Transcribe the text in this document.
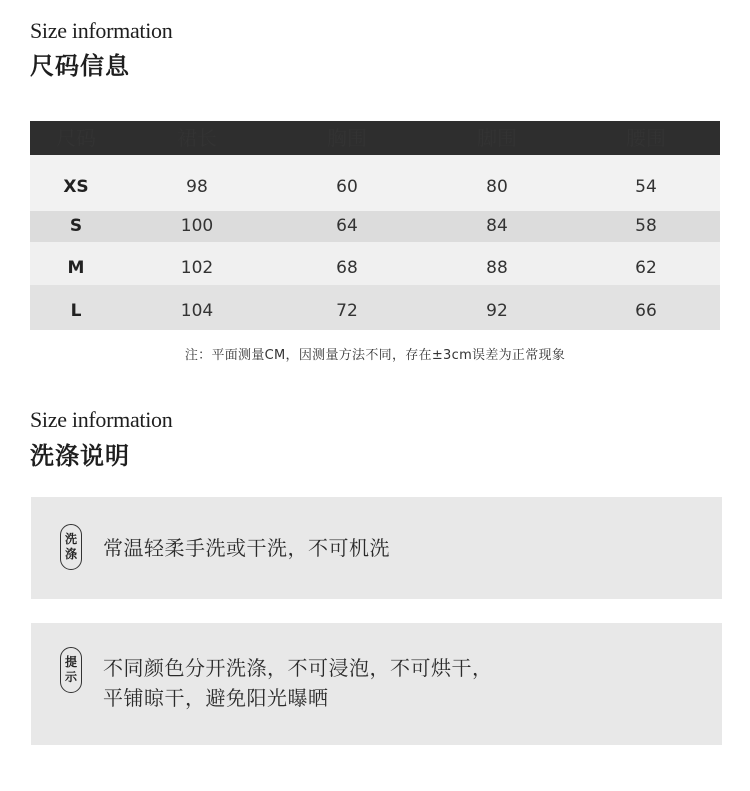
Size information
尺码信息
尺码	裙长	胸围	脚围	腰围
XS	98	60	80	54
S	100	64	84	58
M	102	68	88	62
L	104	72	92	66
注：平面测量CM，因测量方法不同，存在±3cm误差为正常现象
Size information
洗涤说明
洗
涤 常温轻柔手洗或干洗，不可机洗
提
示 不同颜色分开洗涤，不可浸泡，不可烘干，
平铺晾干，避免阳光曝晒
